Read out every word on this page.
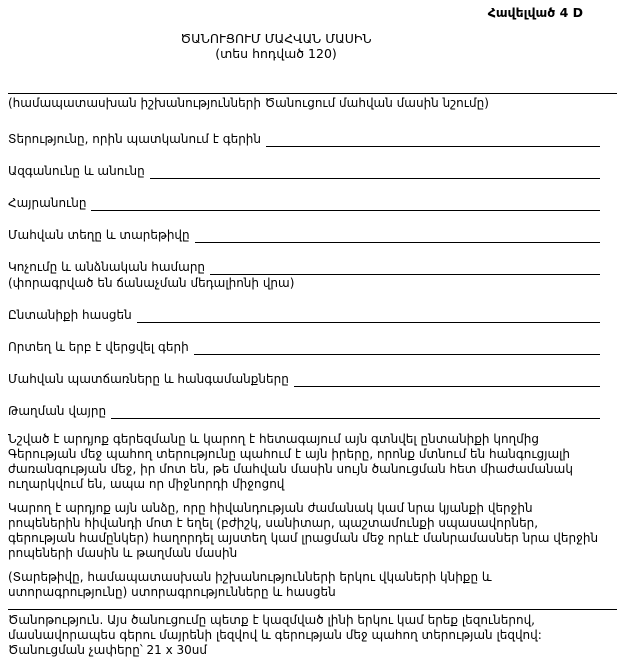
Հավելված 4 D
ԾԱՆՈՒՑՈՒՄ ՄԱՀՎԱՆ ՄԱՍԻՆ
(տես հոդված 120)
(համապատասխան իշխանությունների Ծանուցում մահվան մասին նշումը)
Տերությունը, որին պատկանում է գերին
Ազգանունը և անունը
Հայրանունը
Մահվան տեղը և տարեթիվը
Կոչումը և անձնական համարը
(փորագրված են ճանաչման մեդալիոնի վրա)
Ընտանիքի հասցեն
Որտեղ և երբ է վերցվել գերի
Մահվան պատճառները և հանգամանքները
Թաղման վայրը
Նշված է արդյոք գերեզմանը և կարող է հետագայում այն գտնվել ընտանիքի կողմից
Գերության մեջ պահող տերությունը պահում է այն իրերը, որոնք մտնում են հանգուցյալի
ժառանգության մեջ, իր մոտ են, թե մահվան մասին սույն ծանուցման հետ միաժամանակ
ուղարկվում են, ապա որ միջնորդի միջոցով
Կարող է արդյոք այն անձը, որը հիվանդության ժամանակ կամ նրա կյանքի վերջին
րոպեներին հիվանդի մոտ է եղել (բժիշկ, սանիտար, պաշտամունքի սպասավորներ,
գերության համընկեր) հաղորդել այստեղ կամ լրացման մեջ որևէ մանրամասներ նրա վերջին
րոպեների մասին և թաղման մասին
(Տարեթիվը, համապատասխան իշխանությունների երկու վկաների կնիքը և
ստորագրությունը) ստորագրությունները և հասցեն
Ծանոթություն. Այս ծանուցումը պետք է կազմված լինի երկու կամ երեք լեզուներով,
մասնավորապես գերու մայրենի լեզվով և գերության մեջ պահող տերության լեզվով:
Ծանուցման չափերը՝ 21 x 30սմ
